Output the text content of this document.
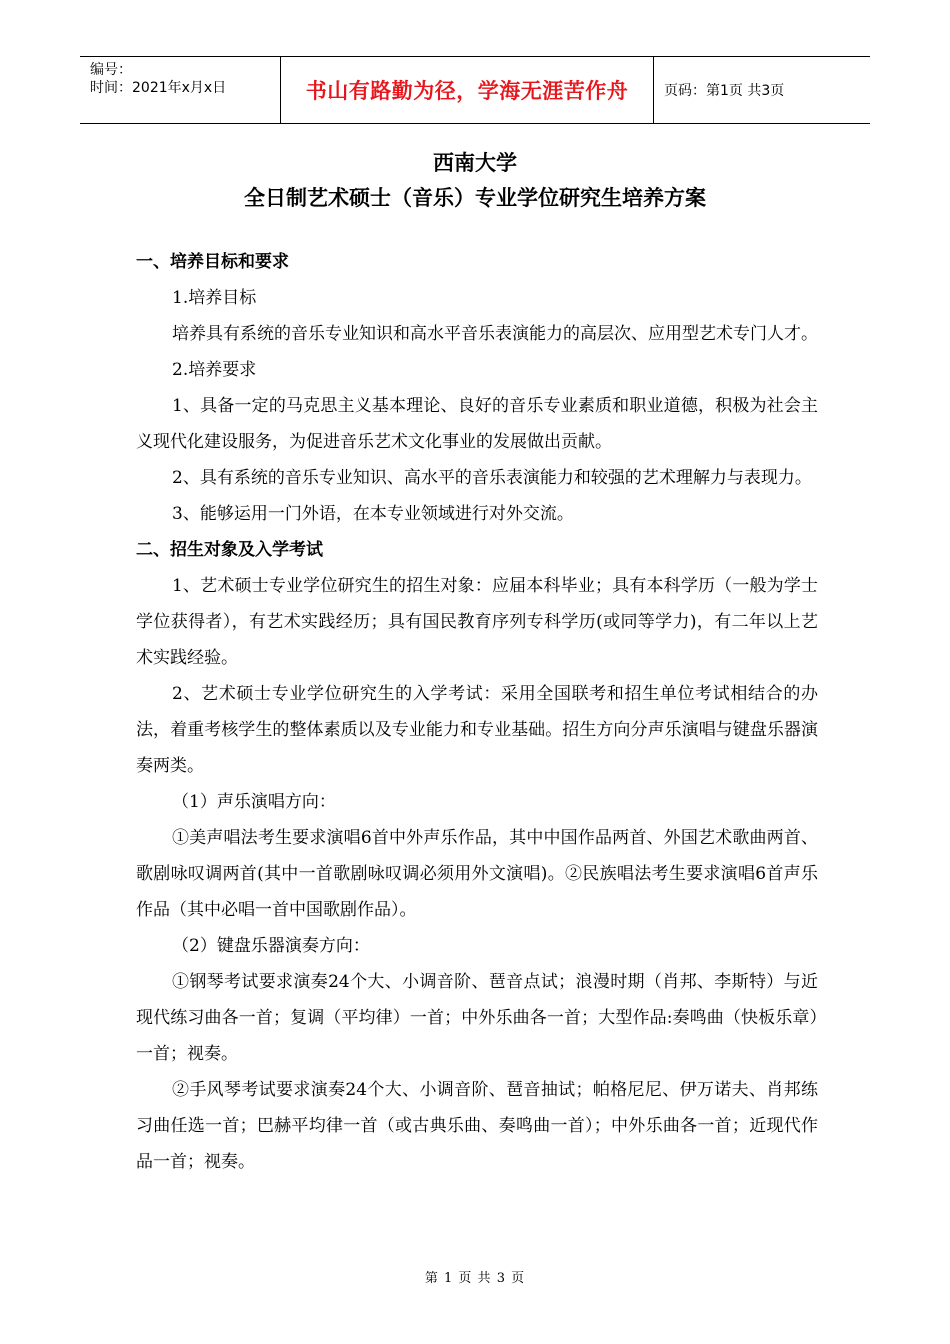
编号：
时间：2021年x月x日	书山有路勤为径，学海无涯苦作舟	页码：第1页 共3页
西南大学
全日制艺术硕士（音乐）专业学位研究生培养方案

一、培养目标和要求

1.培养目标

培养具有系统的音乐专业知识和高水平音乐表演能力的高层次、应用型艺术专门人才。

2.培养要求

1、具备一定的马克思主义基本理论、良好的音乐专业素质和职业道德，积极为社会主义现代化建设服务，为促进音乐艺术文化事业的发展做出贡献。

2、具有系统的音乐专业知识、高水平的音乐表演能力和较强的艺术理解力与表现力。

3、能够运用一门外语，在本专业领域进行对外交流。

二、招生对象及入学考试

1、艺术硕士专业学位研究生的招生对象：应届本科毕业；具有本科学历（一般为学士学位获得者），有艺术实践经历；具有国民教育序列专科学历(或同等学力)，有二年以上艺术实践经验。

2、艺术硕士专业学位研究生的入学考试：采用全国联考和招生单位考试相结合的办法，着重考核学生的整体素质以及专业能力和专业基础。招生方向分声乐演唱与键盘乐器演奏两类。

（1）声乐演唱方向：

①美声唱法考生要求演唱6首中外声乐作品，其中中国作品两首、外国艺术歌曲两首、歌剧咏叹调两首(其中一首歌剧咏叹调必须用外文演唱)。②民族唱法考生要求演唱6首声乐作品（其中必唱一首中国歌剧作品）。

（2）键盘乐器演奏方向：

①钢琴考试要求演奏24个大、小调音阶、琶音点试；浪漫时期（肖邦、李斯特）与近现代练习曲各一首；复调（平均律）一首；中外乐曲各一首；大型作品:奏鸣曲（快板乐章）一首；视奏。

②手风琴考试要求演奏24个大、小调音阶、琶音抽试；帕格尼尼、伊万诺夫、肖邦练习曲任选一首；巴赫平均律一首（或古典乐曲、奏鸣曲一首）；中外乐曲各一首；近现代作品一首；视奏。

第 1 页 共 3 页
